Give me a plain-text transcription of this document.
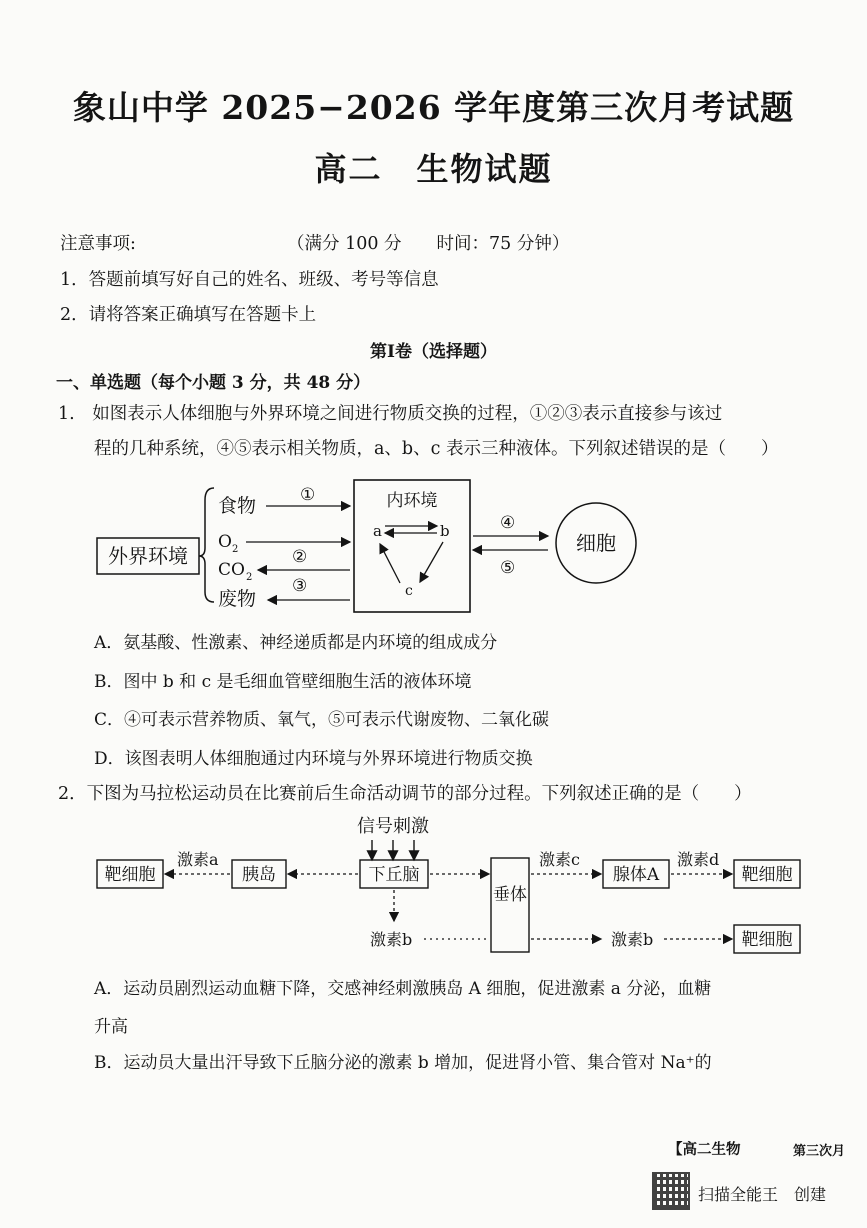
象山中学 2025−2026 学年度第三次月考试题
高二　生物试题
注意事项:	（满分 100 分　　时间：75 分钟）
1．答题前填写好自己的姓名、班级、考号等信息
2．请将答案正确填写在答题卡上
第Ⅰ卷（选择题）
一、单选题（每个小题 3 分，共 48 分）
1.　如图表示人体细胞与外界环境之间进行物质交换的过程，①②③表示直接参与该过
程的几种系统，④⑤表示相关物质，a、b、c 表示三种液体。下列叙述错误的是（　　）
外界环境
食物
O 2
CO 2
废物
①
②
③
内环境
a	b
c
④
⑤
细胞
A．氨基酸、性激素、神经递质都是内环境的组成成分
B．图中 b 和 c 是毛细血管壁细胞生活的液体环境
C．④可表示营养物质、氧气，⑤可表示代谢废物、二氧化碳
D．该图表明人体细胞通过内环境与外界环境进行物质交换
2．下图为马拉松运动员在比赛前后生命活动调节的部分过程。下列叙述正确的是（　　）
信号刺激
靶细胞	胰岛	下丘脑
垂体
腺体A	靶细胞
靶细胞
激素a	激素c	激素d
激素b	激素b
A．运动员剧烈运动血糖下降，交感神经刺激胰岛 A 细胞，促进激素 a 分泌，血糖
升高
B．运动员大量出汗导致下丘脑分泌的激素 b 增加，促进肾小管、集合管对 Na⁺的
【高二生物	第三次月
扫描全能王　创建
